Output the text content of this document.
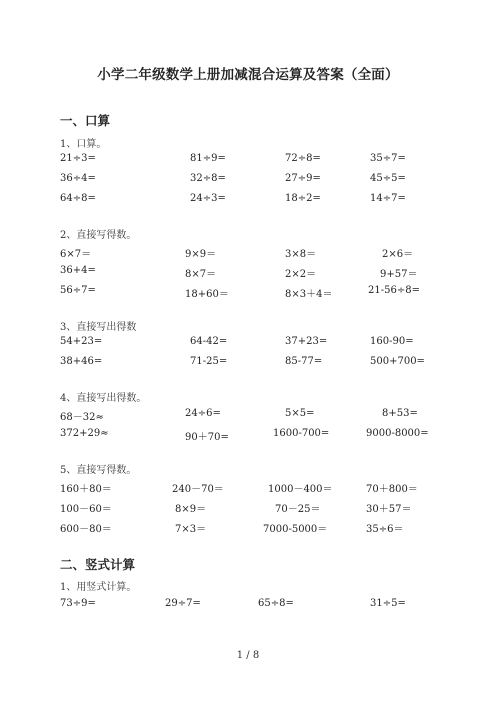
小学二年级数学上册加减混合运算及答案（全面）
一、口算
1、口算。
21÷3=	81÷9=	72÷8=	35÷7=
36÷4=	32÷8=	27÷9=	45÷5=
64÷8=	24÷3=	18÷2=	14÷7=
2、直接写得数。
6×7＝	9×9＝	3×8＝	2×6＝
36+4=	8×7＝	2×2＝	9+57＝
56÷7=	18+60＝	8×3＋4＝	21-56÷8=
3、直接写出得数
54+23=	64-42=	37+23=	160-90=
38+46=	71-25=	85-77=	500+700=
4、直接写出得数。
68－32≈	24÷6=	5×5=	8+53=
372+29≈	90＋70=	1600-700=	9000-8000=
5、直接写得数。
160＋80＝	240－70＝	1000－400＝	70＋800＝
100－60＝	8×9＝	70－25＝	30＋57＝
600－80＝	7×3＝	7000-5000＝	35÷6＝
二、竖式计算
1、用竖式计算。
73÷9=	29÷7=	65÷8=	31÷5=
1 / 8
